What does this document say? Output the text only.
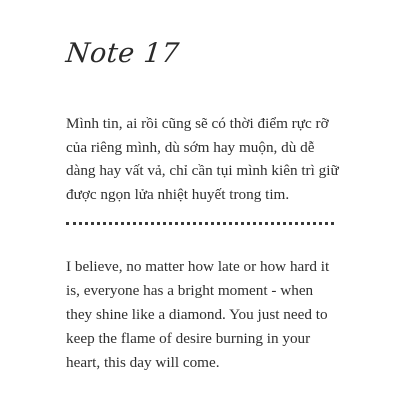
Note 17

Mình tin, ai rồi cũng sẽ có thời điểm rực rỡ của riêng mình, dù sớm hay muộn, dù dễ dàng hay vất vả, chỉ cần tụi mình kiên trì giữ được ngọn lửa nhiệt huyết trong tim.

I believe, no matter how late or how hard it is, everyone has a bright moment - when they shine like a diamond. You just need to keep the flame of desire burning in your heart, this day will come.
